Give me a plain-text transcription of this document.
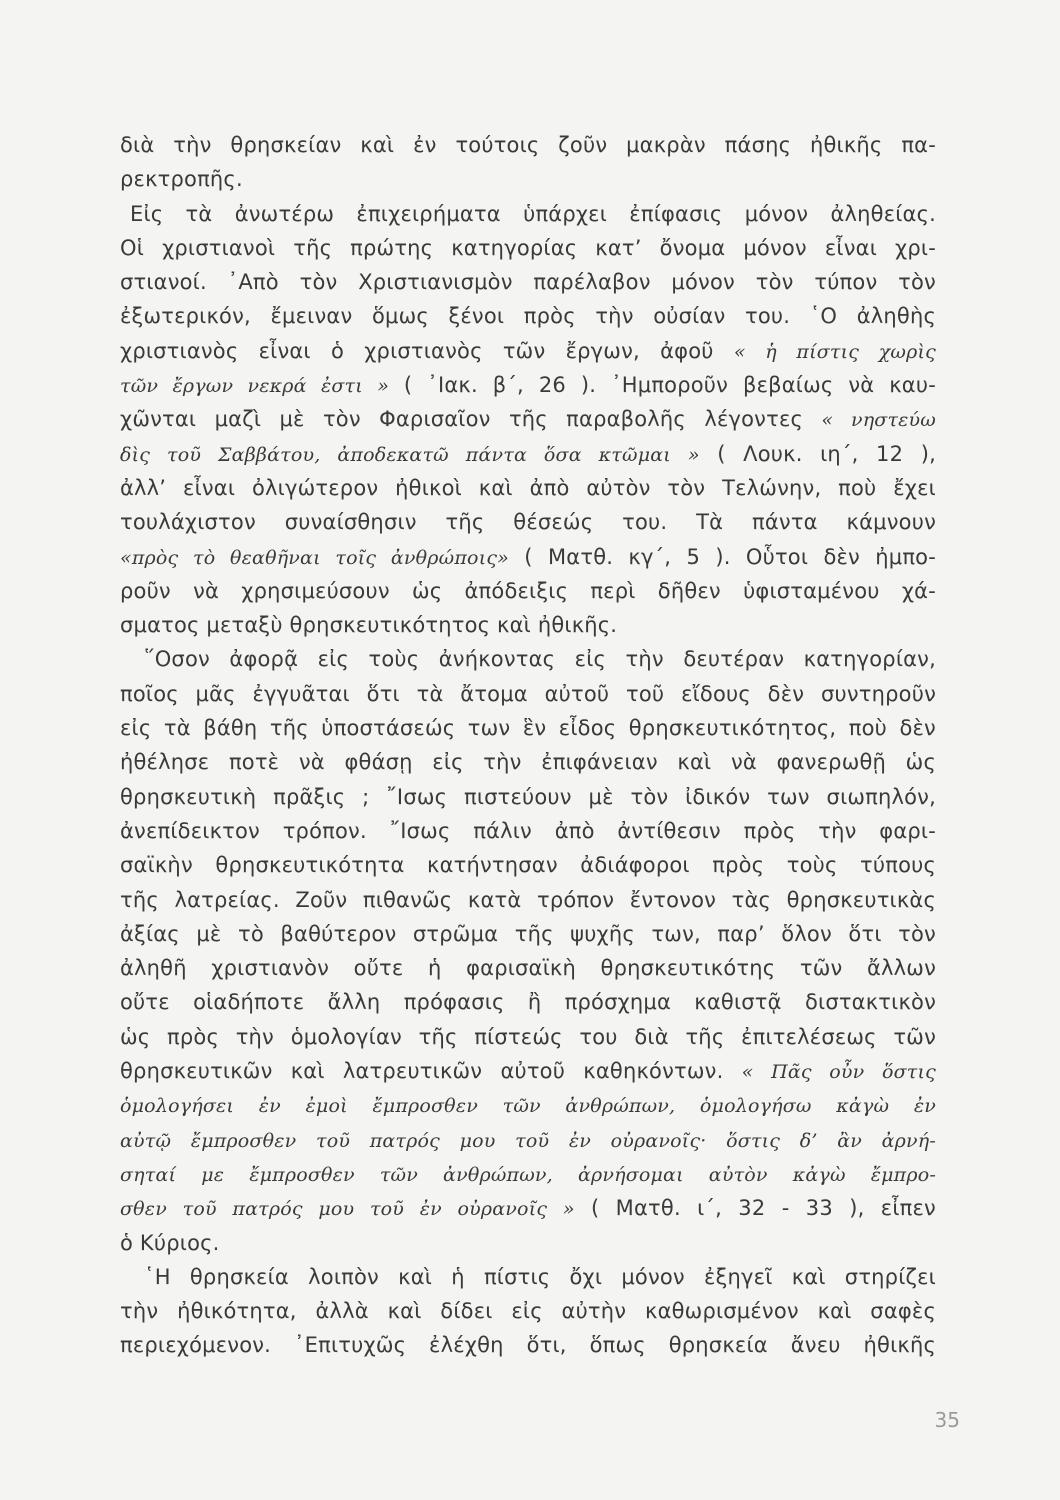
διὰ τὴν θρησκείαν καὶ ἐν τούτοις ζοῦν μακρὰν πάσης ἠθικῆς πα-
ρεκτροπῆς.
Εἰς τὰ ἀνωτέρω ἐπιχειρήματα ὑπάρχει ἐπίφασις μόνον ἀληθείας.
Οἱ χριστιανοὶ τῆς πρώτης κατηγορίας κατ’ ὄνομα μόνον εἶναι χρι-
στιανοί. ᾿Απὸ τὸν Χριστιανισμὸν παρέλαβον μόνον τὸν τύπον τὸν
ἐξωτερικόν, ἔμειναν ὅμως ξένοι πρὸς τὴν οὐσίαν του. ῾Ο ἀληθὴς
χριστιανὸς εἶναι ὁ χριστιανὸς τῶν ἔργων, ἀφοῦ « ἡ πίστις χωρὶς
τῶν ἔργων νεκρά ἐστι » ( ᾿Ιακ. β΄, 26 ). ᾿Ημποροῦν βεβαίως νὰ καυ-
χῶνται μαζὶ μὲ τὸν Φαρισαῖον τῆς παραβολῆς λέγοντες « νηστεύω
δὶς τοῦ Σαββάτου, ἀποδεκατῶ πάντα ὅσα κτῶμαι » ( Λουκ. ιη΄, 12 ),
ἀλλ’ εἶναι ὀλιγώτερον ἠθικοὶ καὶ ἀπὸ αὐτὸν τὸν Τελώνην, ποὺ ἔχει
τουλάχιστον συναίσθησιν τῆς θέσεώς του. Τὰ πάντα κάμνουν
«πρὸς τὸ θεαθῆναι τοῖς ἀνθρώποις» ( Ματθ. κγ΄, 5 ). Οὗτοι δὲν ἠμπο-
ροῦν νὰ χρησιμεύσουν ὡς ἀπόδειξις περὶ δῆθεν ὑφισταμένου χά-
σματος μεταξὺ θρησκευτικότητος καὶ ἠθικῆς.
῞Οσον ἀφορᾷ εἰς τοὺς ἀνήκοντας εἰς τὴν δευτέραν κατηγορίαν,
ποῖος μᾶς ἐγγυᾶται ὅτι τὰ ἄτομα αὐτοῦ τοῦ εἴδους δὲν συντηροῦν
εἰς τὰ βάθη τῆς ὑποστάσεώς των ἓν εἶδος θρησκευτικότητος, ποὺ δὲν
ἠθέλησε ποτὲ νὰ φθάσῃ εἰς τὴν ἐπιφάνειαν καὶ νὰ φανερωθῇ ὡς
θρησκευτικὴ πρᾶξις ; ῎Ισως πιστεύουν μὲ τὸν ἰδικόν των σιωπηλόν,
ἀνεπίδεικτον τρόπον. ῎Ισως πάλιν ἀπὸ ἀντίθεσιν πρὸς τὴν φαρι-
σαϊκὴν θρησκευτικότητα κατήντησαν ἀδιάφοροι πρὸς τοὺς τύπους
τῆς λατρείας. Ζοῦν πιθανῶς κατὰ τρόπον ἔντονον τὰς θρησκευτικὰς
ἀξίας μὲ τὸ βαθύτερον στρῶμα τῆς ψυχῆς των, παρ’ ὅλον ὅτι τὸν
ἀληθῆ χριστιανὸν οὔτε ἡ φαρισαϊκὴ θρησκευτικότης τῶν ἄλλων
οὔτε οἱαδήποτε ἄλλη πρόφασις ἢ πρόσχημα καθιστᾷ διστακτικὸν
ὡς πρὸς τὴν ὁμολογίαν τῆς πίστεώς του διὰ τῆς ἐπιτελέσεως τῶν
θρησκευτικῶν καὶ λατρευτικῶν αὐτοῦ καθηκόντων. « Πᾶς οὖν ὅστις
ὁμολογήσει ἐν ἐμοὶ ἔμπροσθεν τῶν ἀνθρώπων, ὁμολογήσω κἀγὼ ἐν
αὐτῷ ἔμπροσθεν τοῦ πατρός μου τοῦ ἐν οὐρανοῖς· ὅστις δ’ ἂν ἀρνή-
σηταί με ἔμπροσθεν τῶν ἀνθρώπων, ἀρνήσομαι αὐτὸν κἀγὼ ἔμπρο-
σθεν τοῦ πατρός μου τοῦ ἐν οὐρανοῖς » ( Ματθ. ι΄, 32 - 33 ), εἶπεν
ὁ Κύριος.
῾Η θρησκεία λοιπὸν καὶ ἡ πίστις ὄχι μόνον ἐξηγεῖ καὶ στηρίζει
τὴν ἠθικότητα, ἀλλὰ καὶ δίδει εἰς αὐτὴν καθωρισμένον καὶ σαφὲς
περιεχόμενον. ᾿Επιτυχῶς ἐλέχθη ὅτι, ὅπως θρησκεία ἄνευ ἠθικῆς
35
